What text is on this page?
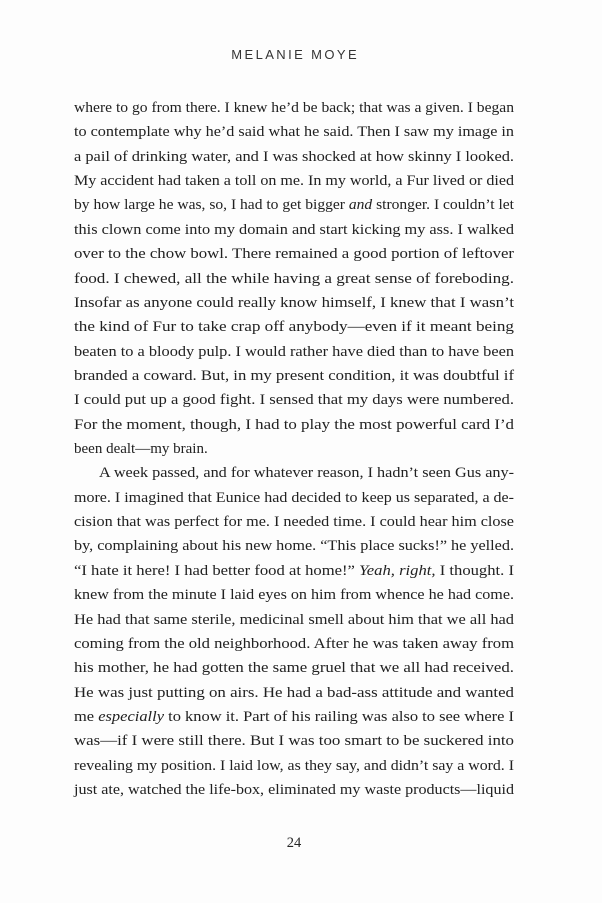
MELANIE MOYE
where to go from there. I knew he’d be back; that was a given. I began
to contemplate why he’d said what he said. Then I saw my image in
a pail of drinking water, and I was shocked at how skinny I looked.
My accident had taken a toll on me. In my world, a Fur lived or died
by how large he was, so, I had to get bigger and stronger. I couldn’t let
this clown come into my domain and start kicking my ass. I walked
over to the chow bowl. There remained a good portion of leftover
food. I chewed, all the while having a great sense of foreboding.
Insofar as anyone could really know himself, I knew that I wasn’t
the kind of Fur to take crap off anybody—even if it meant being
beaten to a bloody pulp. I would rather have died than to have been
branded a coward. But, in my present condition, it was doubtful if
I could put up a good fight. I sensed that my days were numbered.
For the moment, though, I had to play the most powerful card I’d
been dealt—my brain.
A week passed, and for whatever reason, I hadn’t seen Gus any-
more. I imagined that Eunice had decided to keep us separated, a de-
cision that was perfect for me. I needed time. I could hear him close
by, complaining about his new home. “This place sucks!” he yelled.
“I hate it here! I had better food at home!” Yeah, right, I thought. I
knew from the minute I laid eyes on him from whence he had come.
He had that same sterile, medicinal smell about him that we all had
coming from the old neighborhood. After he was taken away from
his mother, he had gotten the same gruel that we all had received.
He was just putting on airs. He had a bad-ass attitude and wanted
me especially to know it. Part of his railing was also to see where I
was—if I were still there. But I was too smart to be suckered into
revealing my position. I laid low, as they say, and didn’t say a word. I
just ate, watched the life-box, eliminated my waste products—liquid
24
